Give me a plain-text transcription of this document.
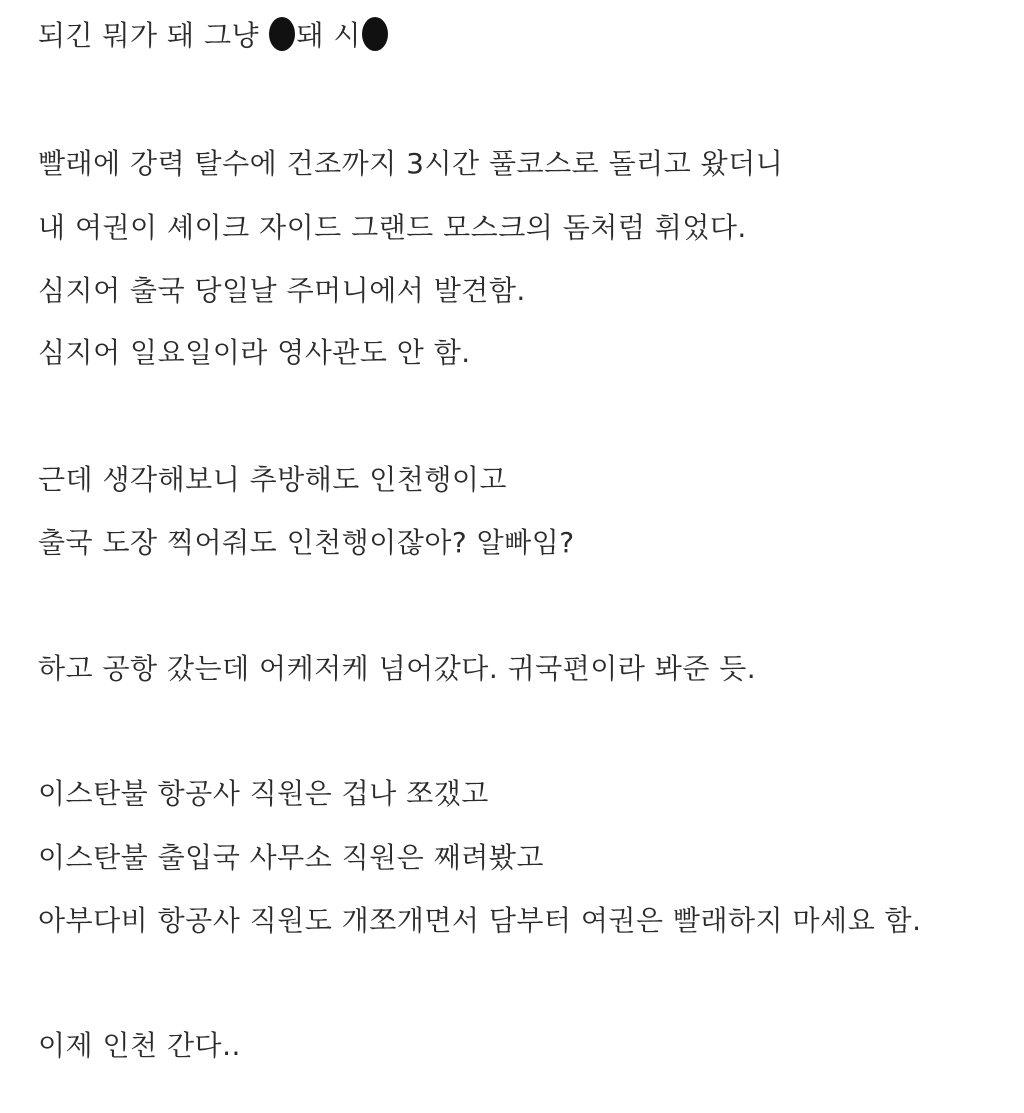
되긴 뭐가 돼 그냥 돼 시
빨래에 강력 탈수에 건조까지 3시간 풀코스로 돌리고 왔더니
내 여권이 셰이크 자이드 그랜드 모스크의 돔처럼 휘었다.
심지어 출국 당일날 주머니에서 발견함.
심지어 일요일이라 영사관도 안 함.
근데 생각해보니 추방해도 인천행이고
출국 도장 찍어줘도 인천행이잖아? 알빠임?
하고 공항 갔는데 어케저케 넘어갔다. 귀국편이라 봐준 듯.
이스탄불 항공사 직원은 겁나 쪼갰고
이스탄불 출입국 사무소 직원은 째려봤고
아부다비 항공사 직원도 개쪼개면서 담부터 여권은 빨래하지 마세요 함.
이제 인천 간다..
